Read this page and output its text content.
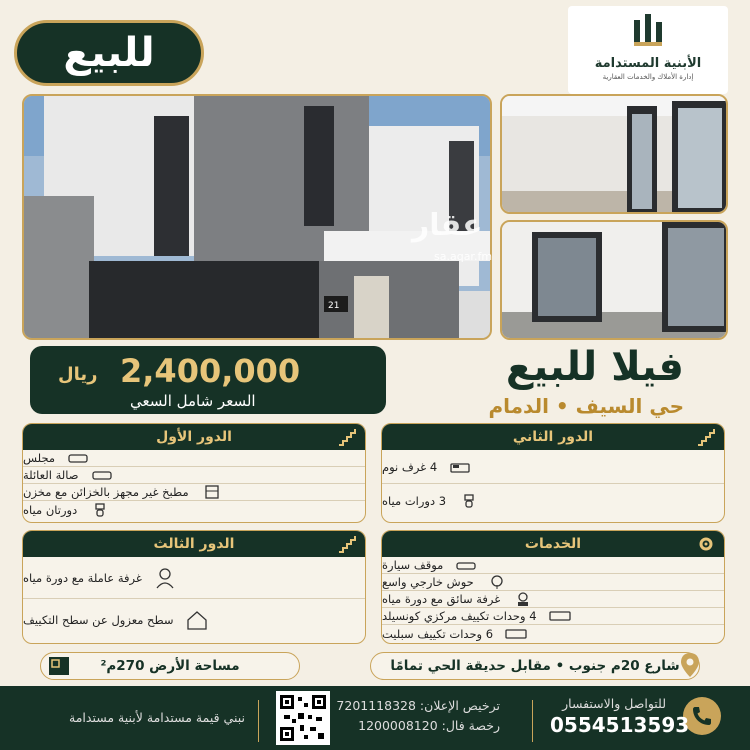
للبيع	الأبنية المستدامة
إدارة الأملاك والخدمات العقارية
21
عقار
sa.aqar.fm
2,400,000
ريال
السعر شامل السعي
فيلا للبيع
حي السيف • الدمام
الدور الأول
مجلس
صالة العائلة
مطبخ غير مجهز بالخزائن مع مخزن
دورتان مياه
الدور الثاني
4 غرف نوم
3 دورات مياه
الدور الثالث
غرفة عاملة مع دورة مياه
سطح معزول عن سطح التكييف
الخدمات
موقف سيارة
حوش خارجي واسع
غرفة سائق مع دورة مياه
4 وحدات تكييف مركزي كونسيلد
6 وحدات تكييف سبليت
مساحة الأرض 270م²	شارع 20م جنوب • مقابل حديقة الحي تمامًا
للتواصل والاستفسار
0554513593
ترخيص الإعلان: 7201118328
رخصة فال: 1200008120
نبني قيمة مستدامة لأبنية مستدامة
